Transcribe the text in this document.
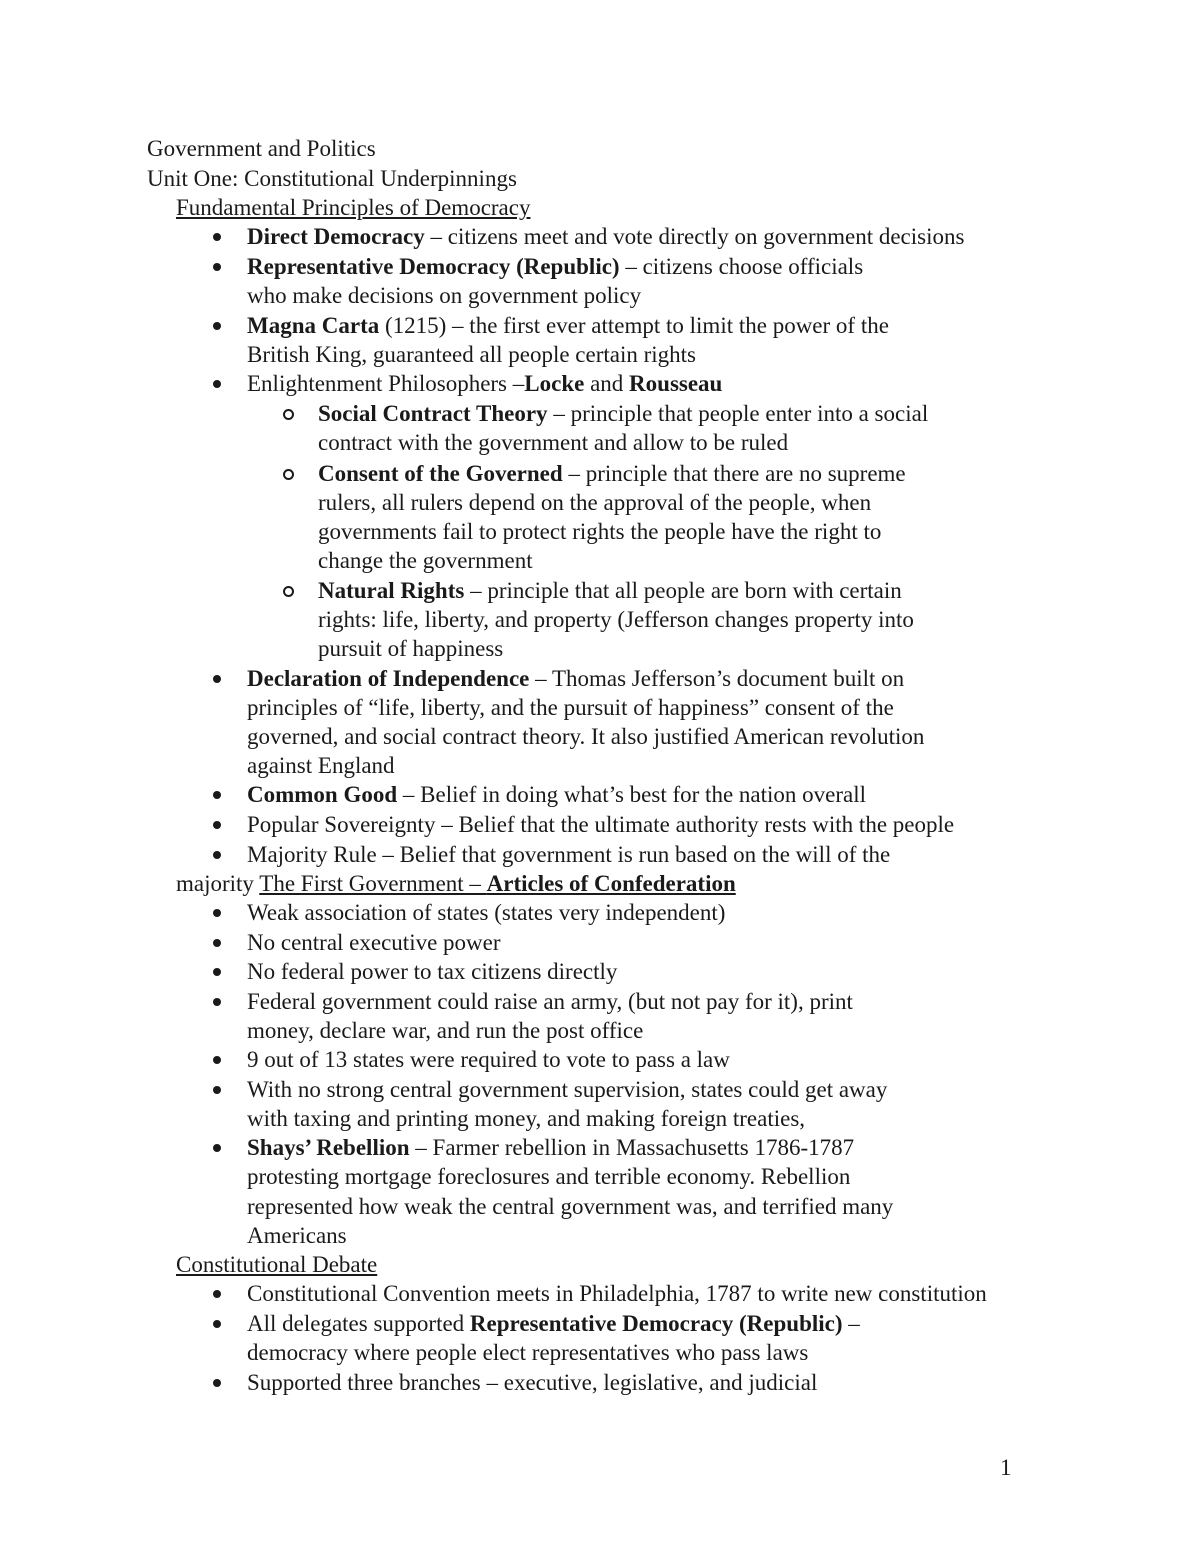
Government and Politics
Unit One: Constitutional Underpinnings
Fundamental Principles of Democracy
Direct Democracy – citizens meet and vote directly on government decisions
Representative Democracy (Republic) – citizens choose officials
who make decisions on government policy
Magna Carta (1215) – the first ever attempt to limit the power of the
British King, guaranteed all people certain rights
Enlightenment Philosophers –Locke and Rousseau
Social Contract Theory – principle that people enter into a social
contract with the government and allow to be ruled
Consent of the Governed – principle that there are no supreme
rulers, all rulers depend on the approval of the people, when
governments fail to protect rights the people have the right to
change the government
Natural Rights – principle that all people are born with certain
rights: life, liberty, and property (Jefferson changes property into
pursuit of happiness
Declaration of Independence – Thomas Jefferson’s document built on
principles of “life, liberty, and the pursuit of happiness” consent of the
governed, and social contract theory. It also justified American revolution
against England
Common Good – Belief in doing what’s best for the nation overall
Popular Sovereignty – Belief that the ultimate authority rests with the people
Majority Rule – Belief that government is run based on the will of the
majority The First Government – Articles of Confederation
Weak association of states (states very independent)
No central executive power
No federal power to tax citizens directly
Federal government could raise an army, (but not pay for it), print
money, declare war, and run the post office
9 out of 13 states were required to vote to pass a law
With no strong central government supervision, states could get away
with taxing and printing money, and making foreign treaties,
Shays’ Rebellion – Farmer rebellion in Massachusetts 1786-1787
protesting mortgage foreclosures and terrible economy. Rebellion
represented how weak the central government was, and terrified many
Americans
Constitutional Debate
Constitutional Convention meets in Philadelphia, 1787 to write new constitution
All delegates supported Representative Democracy (Republic) –
democracy where people elect representatives who pass laws
Supported three branches – executive, legislative, and judicial
1
